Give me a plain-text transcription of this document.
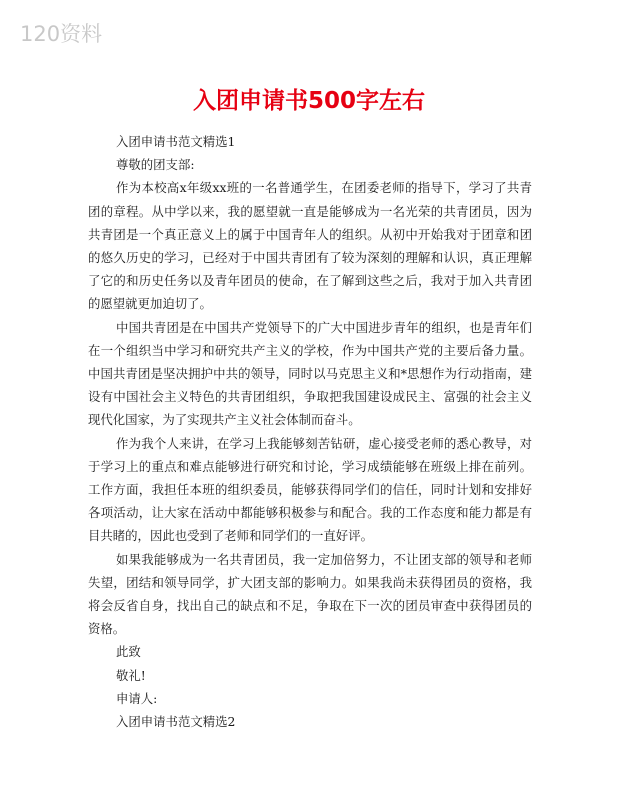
120资料
入团申请书500字左右

入团申请书范文精选1

尊敬的团支部:

作为本校高x年级xx班的一名普通学生，在团委老师的指导下，学习了共青团的章程。从中学以来，我的愿望就一直是能够成为一名光荣的共青团员，因为共青团是一个真正意义上的属于中国青年人的组织。从初中开始我对于团章和团的悠久历史的学习，已经对于中国共青团有了较为深刻的理解和认识，真正理解了它的和历史任务以及青年团员的使命，在了解到这些之后，我对于加入共青团的愿望就更加迫切了。

中国共青团是在中国共产党领导下的广大中国进步青年的组织，也是青年们在一个组织当中学习和研究共产主义的学校，作为中国共产党的主要后备力量。中国共青团是坚决拥护中共的领导，同时以马克思主义和*思想作为行动指南，建设有中国社会主义特色的共青团组织，争取把我国建设成民主、富强的社会主义现代化国家，为了实现共产主义社会体制而奋斗。

作为我个人来讲，在学习上我能够刻苦钻研，虚心接受老师的悉心教导，对于学习上的重点和难点能够进行研究和讨论，学习成绩能够在班级上排在前列。工作方面，我担任本班的组织委员，能够获得同学们的信任，同时计划和安排好各项活动，让大家在活动中都能够积极参与和配合。我的工作态度和能力都是有目共睹的，因此也受到了老师和同学们的一直好评。

如果我能够成为一名共青团员，我一定加倍努力，不让团支部的领导和老师失望，团结和领导同学，扩大团支部的影响力。如果我尚未获得团员的资格，我将会反省自身，找出自己的缺点和不足，争取在下一次的团员审查中获得团员的资格。

此致

敬礼!

申请人:

入团申请书范文精选2
